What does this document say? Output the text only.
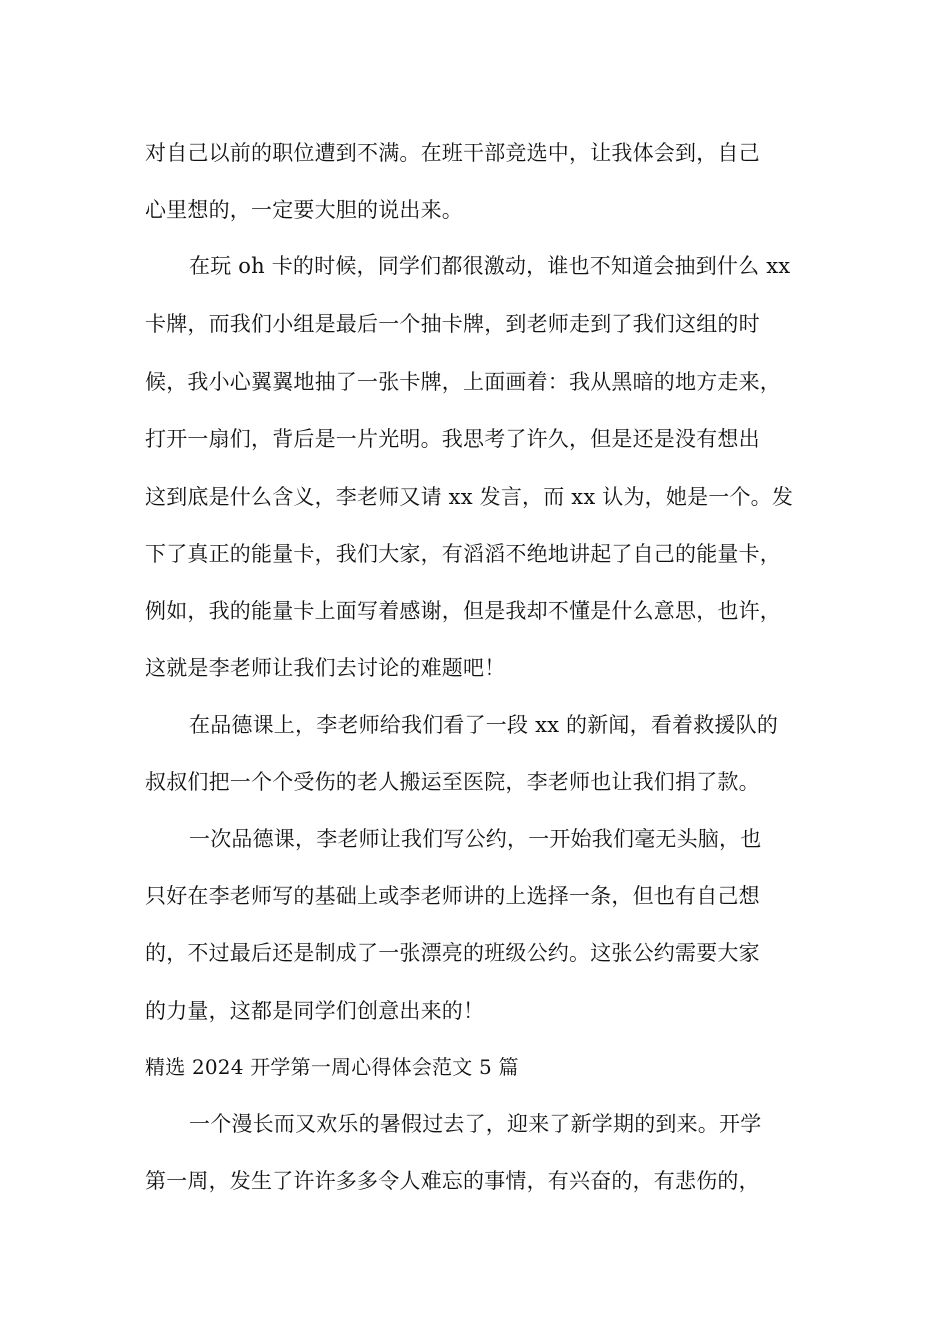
对自己以前的职位遭到不满。在班干部竞选中，让我体会到，自己
心里想的，一定要大胆的说出来。
在玩 oh 卡的时候，同学们都很激动，谁也不知道会抽到什么 xx
卡牌，而我们小组是最后一个抽卡牌，到老师走到了我们这组的时
候，我小心翼翼地抽了一张卡牌，上面画着：我从黑暗的地方走来，
打开一扇们，背后是一片光明。我思考了许久，但是还是没有想出
这到底是什么含义，李老师又请 xx 发言，而 xx 认为，她是一个。发
下了真正的能量卡，我们大家，有滔滔不绝地讲起了自己的能量卡，
例如，我的能量卡上面写着感谢，但是我却不懂是什么意思，也许，
这就是李老师让我们去讨论的难题吧！
在品德课上，李老师给我们看了一段 xx 的新闻，看着救援队的
叔叔们把一个个受伤的老人搬运至医院，李老师也让我们捐了款。
一次品德课，李老师让我们写公约，一开始我们毫无头脑，也
只好在李老师写的基础上或李老师讲的上选择一条，但也有自己想
的，不过最后还是制成了一张漂亮的班级公约。这张公约需要大家
的力量，这都是同学们创意出来的！
精选 2024 开学第一周心得体会范文 5 篇
一个漫长而又欢乐的暑假过去了，迎来了新学期的到来。开学
第一周，发生了许许多多令人难忘的事情，有兴奋的，有悲伤的，
